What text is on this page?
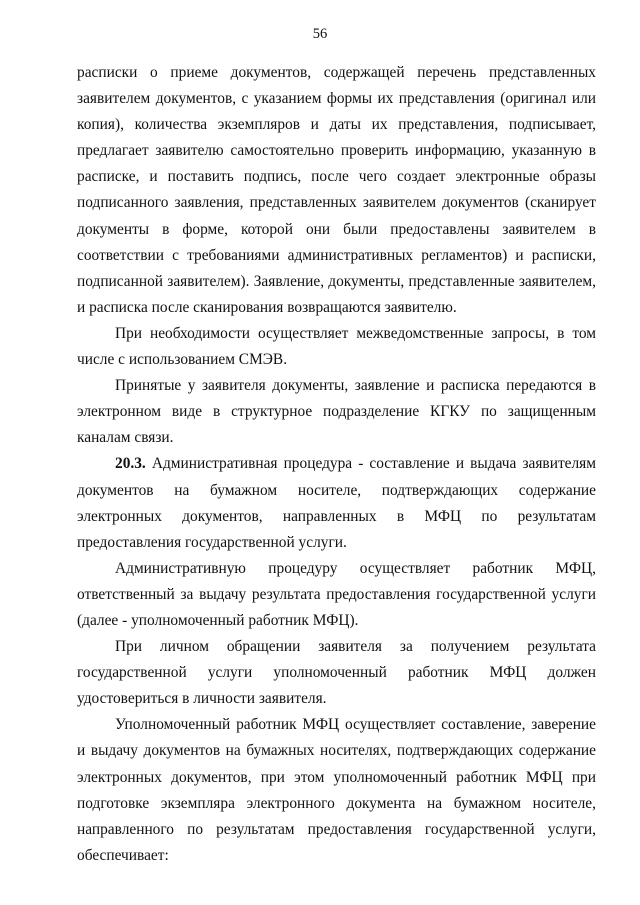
56

расписки о приеме документов, содержащей перечень представленных заявителем документов, с указанием формы их представления (оригинал или копия), количества экземпляров и даты их представления, подписывает, предлагает заявителю самостоятельно проверить информацию, указанную в расписке, и поставить подпись, после чего создает электронные образы подписанного заявления, представленных заявителем документов (сканирует документы в форме, которой они были предоставлены заявителем в соответствии с требованиями административных регламентов) и расписки, подписанной заявителем). Заявление, документы, представленные заявителем, и расписка после сканирования возвращаются заявителю.

При необходимости осуществляет межведомственные запросы, в том числе с использованием СМЭВ.

Принятые у заявителя документы, заявление и расписка передаются в электронном виде в структурное подразделение КГКУ по защищенным каналам связи.

20.3. Административная процедура - составление и выдача заявителям документов на бумажном носителе, подтверждающих содержание электронных документов, направленных в МФЦ по результатам предоставления государственной услуги.

Административную процедуру осуществляет работник МФЦ, ответственный за выдачу результата предоставления государственной услуги (далее - уполномоченный работник МФЦ).

При личном обращении заявителя за получением результата государственной услуги уполномоченный работник МФЦ должен удостовериться в личности заявителя.

Уполномоченный работник МФЦ осуществляет составление, заверение и выдачу документов на бумажных носителях, подтверждающих содержание электронных документов, при этом уполномоченный работник МФЦ при подготовке экземпляра электронного документа на бумажном носителе, направленного по результатам предоставления государственной услуги, обеспечивает:
